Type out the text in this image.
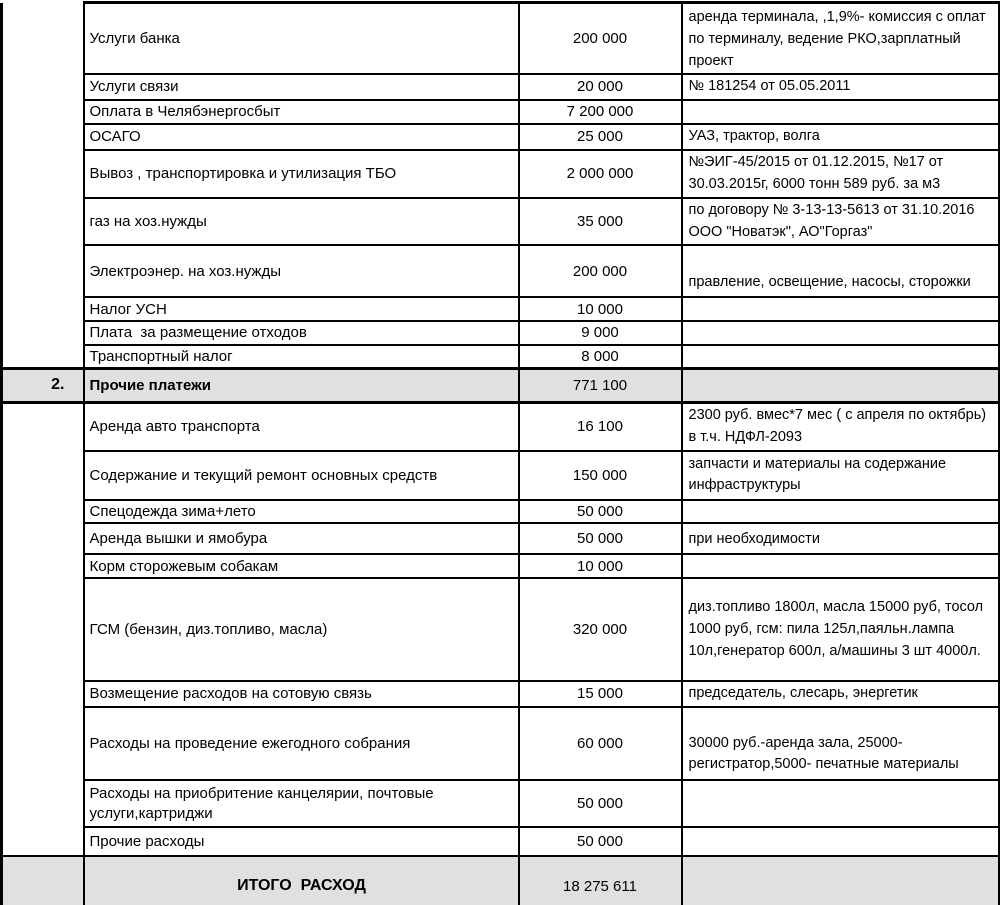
	Услуги банка	200 000	аренда терминала, ,1,9%- комиссия с оплат по терминалу, ведение РКО,зарплатный проект
	Услуги связи	20 000	№ 181254 от 05.05.2011
	Оплата в Челябэнергосбыт	7 200 000	
	ОСАГО	25 000	УАЗ, трактор, волга
	Вывоз , транспортировка и утилизация ТБО	2 000 000	№ЭИГ-45/2015 от 01.12.2015, №17 от 30.03.2015г, 6000 тонн 589 руб. за м3
	газ на хоз.нужды	35 000	по договору № 3-13-13-5613 от 31.10.2016 ООО "Новатэк", АО"Горгаз"
	Электроэнер. на хоз.нужды	200 000	правление, освещение, насосы, сторожки
	Налог УСН	10 000	
	Плата  за размещение отходов	9 000	
	Транспортный налог	8 000	
2.	Прочие платежи	771 100	
	Аренда авто транспорта	16 100	2300 руб. вмес*7 мес ( с апреля по октябрь) в т.ч. НДФЛ-2093
	Содержание и текущий ремонт основных средств	150 000	запчасти и материалы на содержание инфраструктуры
	Спецодежда зима+лето	50 000	
	Аренда вышки и ямобура	50 000	при необходимости
	Корм сторожевым собакам	10 000	
	ГСМ (бензин, диз.топливо, масла)	320 000	диз.топливо 1800л, масла 15000 руб, тосол 1000 руб, гсм: пила 125л,паяльн.лампа 10л,генератор 600л, а/машины 3 шт 4000л.
	Возмещение расходов на сотовую связь	15 000	председатель, слесарь, энергетик
	Расходы на проведение ежегодного собрания	60 000	30000 руб.-аренда зала, 25000- регистратор,5000- печатные материалы
	Расходы на приобритение канцелярии, почтовые услуги,картриджи	50 000	
	Прочие расходы	50 000	
	ИТОГО  РАСХОД	18 275 611	
